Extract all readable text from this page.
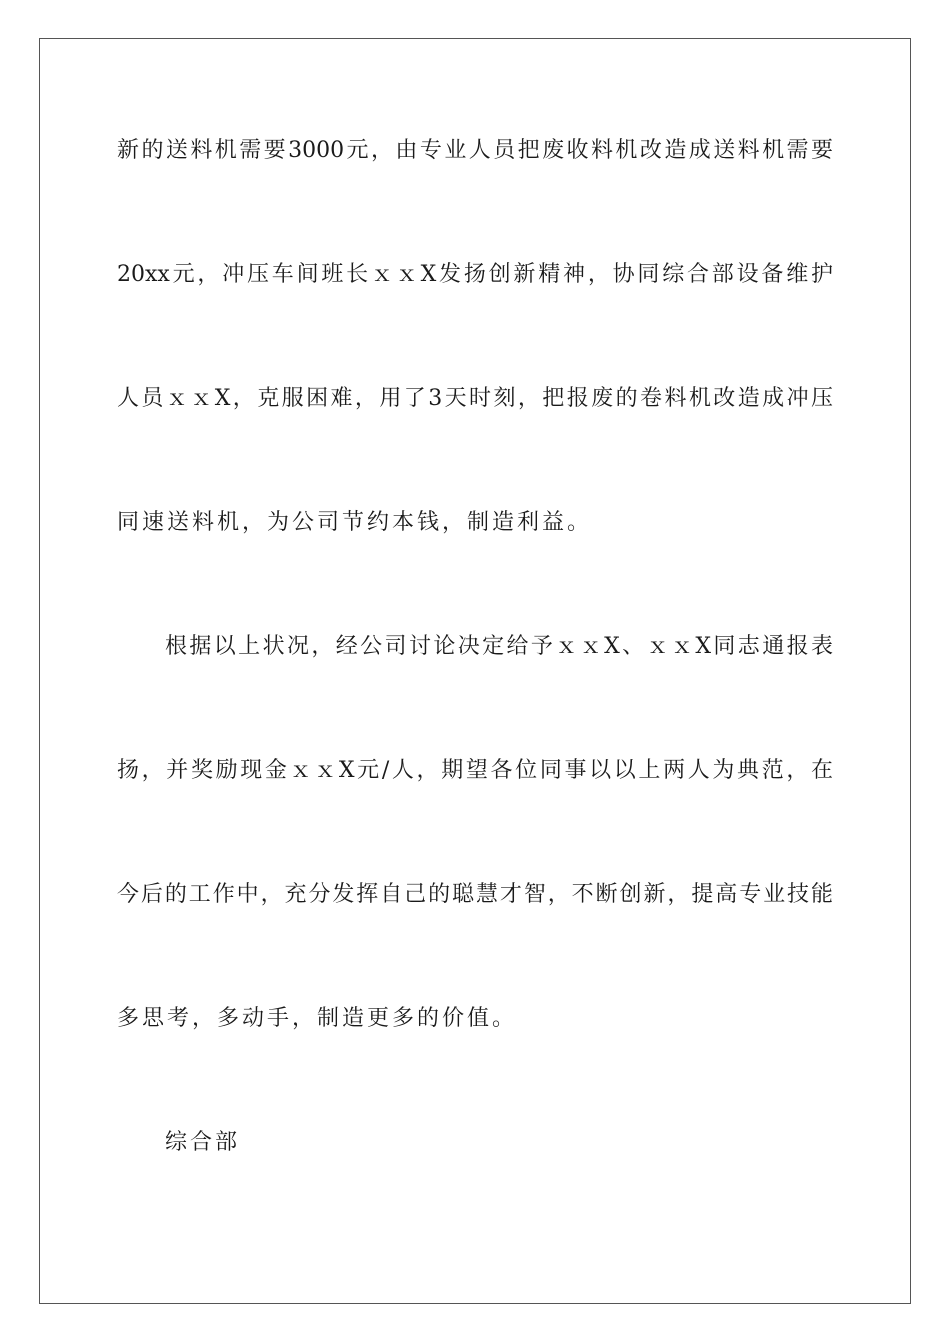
新的送料机需要3000元，由专业人员把废收料机改造成送料机需要
20xx元，冲压车间班长ｘｘX发扬创新精神，协同综合部设备维护
人员ｘｘX，克服困难，用了3天时刻，把报废的卷料机改造成冲压
同速送料机，为公司节约本钱，制造利益。
根据以上状况，经公司讨论决定给予ｘｘX、ｘｘX同志通报表
扬，并奖励现金ｘｘX元/人，期望各位同事以以上两人为典范，在
今后的工作中，充分发挥自己的聪慧才智，不断创新，提高专业技能
多思考，多动手，制造更多的价值。
综合部
